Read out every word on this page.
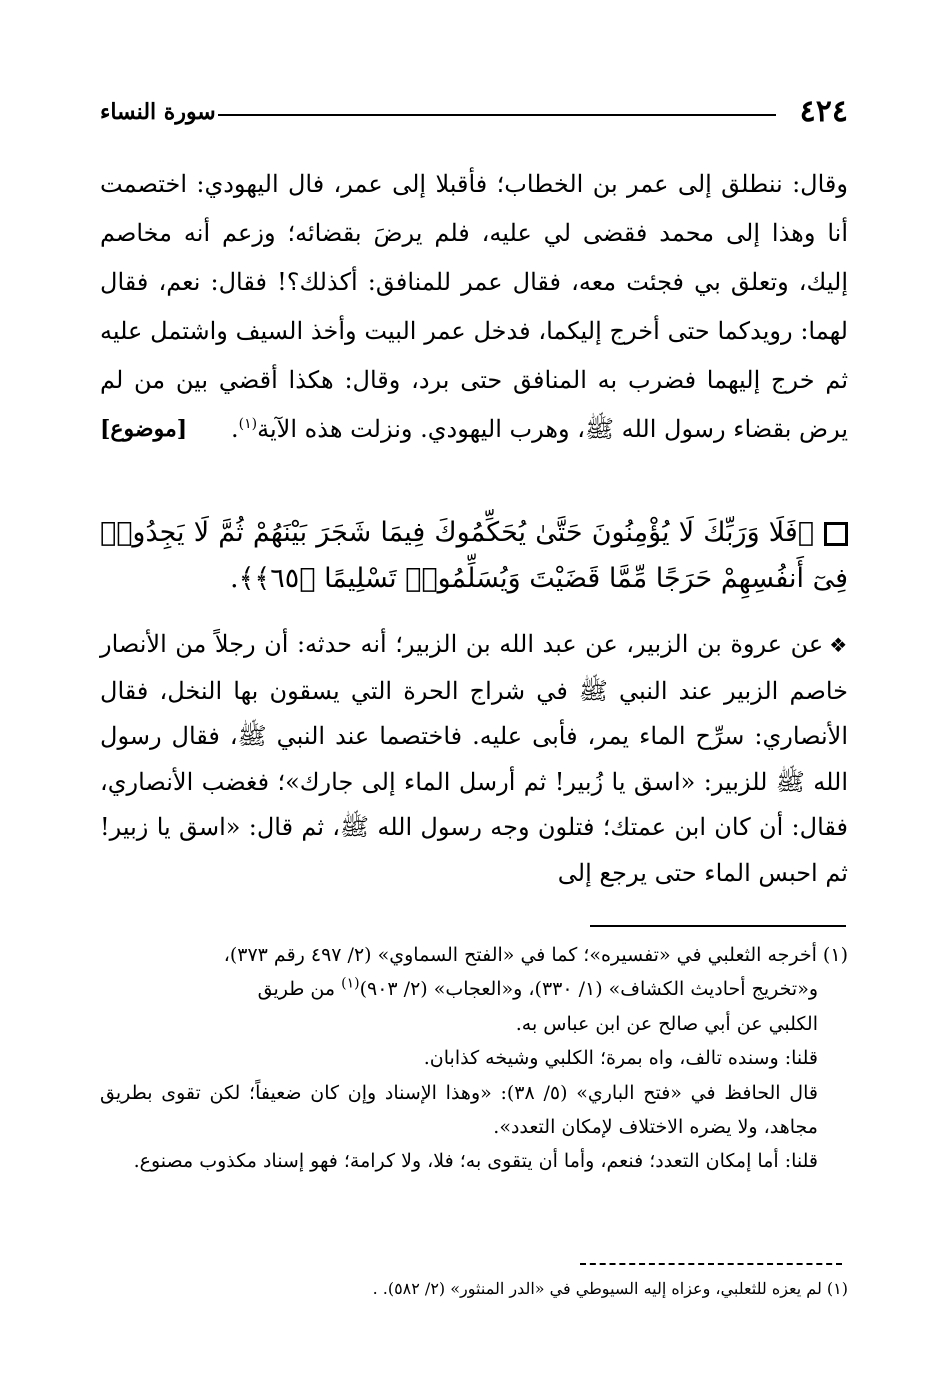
٤٢٤
سورة النساء

وقال: ننطلق إلى عمر بن الخطاب؛ فأقبلا إلى عمر، فال اليهودي: اختصمت أنا وهذا إلى محمد فقضى لي عليه، فلم يرضَ بقضائه؛ وزعم أنه مخاصم إليك، وتعلق بي فجئت معه، فقال عمر للمنافق: أكذلك؟! فقال: نعم، فقال لهما: رويدكما حتى أخرج إليكما، فدخل عمر البيت وأخذ السيف واشتمل عليه ثم خرج إليهما فضرب به المنافق حتى برد، وقال: هكذا أقضي بين من لم يرض بقضاء رسول الله ﷺ، وهرب اليهودي. ونزلت هذه الآية$^{(١)}$.
[موضوع]

﴿فَلَا وَرَبِّكَ لَا يُؤْمِنُونَ حَتَّىٰ يُحَكِّمُوكَ فِيمَا شَجَرَ بَيْنَهُمْ ثُمَّ لَا يَجِدُوا۟ فِىٓ أَنفُسِهِمْ حَرَجًا مِّمَّا قَضَيْتَ وَيُسَلِّمُوا۟ تَسْلِيمًا ﴿٦٥﴾﴾.

❖عن عروة بن الزبير، عن عبد الله بن الزبير؛ أنه حدثه: أن رجلاً من الأنصار خاصم الزبير عند النبي ﷺ في شراج الحرة التي يسقون بها النخل، فقال الأنصاري: سرِّح الماء يمر، فأبى عليه. فاختصما عند النبي ﷺ، فقال رسول الله ﷺ للزبير: «اسق يا زُبير! ثم أرسل الماء إلى جارك»؛ فغضب الأنصاري، فقال: أن كان ابن عمتك؛ فتلون وجه رسول الله ﷺ، ثم قال: «اسق يا زبير! ثم احبس الماء حتى يرجع إلى

(١) أخرجه الثعلبي في «تفسيره»؛ كما في «الفتح السماوي» (٢/ ٤٩٧ رقم ٣٧٣)،

و«تخريج أحاديث الكشاف» (١/ ٣٣٠)، و«العجاب» (٢/ ٩٠٣)$^{(١)}$ من طريق

الكلبي عن أبي صالح عن ابن عباس به.

قلنا: وسنده تالف، واه بمرة؛ الكلبي وشيخه كذابان.

قال الحافظ في «فتح الباري» (٥/ ٣٨): «وهذا الإسناد وإن كان ضعيفاً؛ لكن تقوى بطريق مجاهد، ولا يضره الاختلاف لإمكان التعدد».

قلنا: أما إمكان التعدد؛ فنعم، وأما أن يتقوى به؛ فلا، ولا كرامة؛ فهو إسناد مكذوب مصنوع.

(١) لم يعزه للثعلبي، وعزاه إليه السيوطي في «الدر المنثور» (٢/ ٥٨٢). .
